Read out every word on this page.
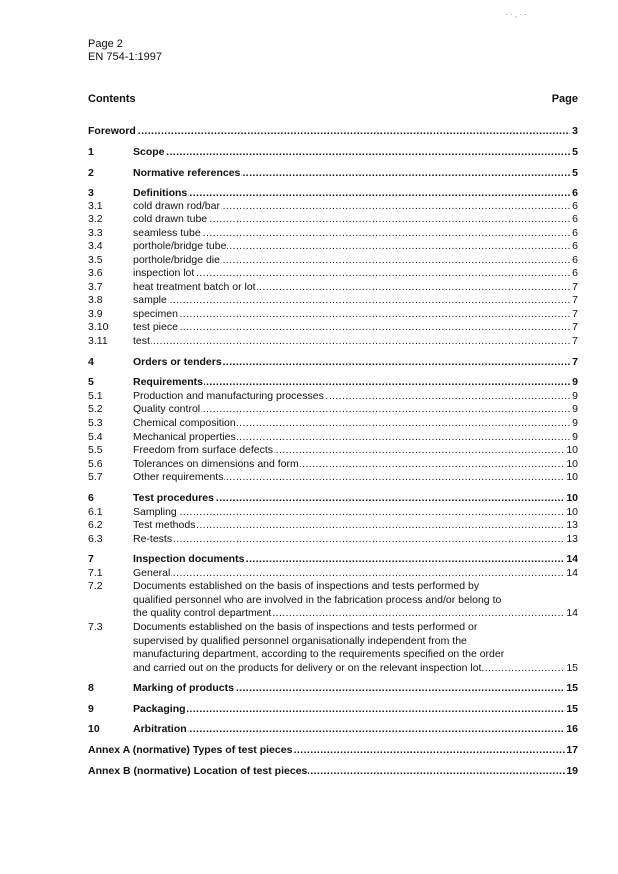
Page 2
EN 754-1:1997
Contents	Page
Foreword .....	3
1	Scope .....	5
2	Normative references .....	5
3	Definitions .....	6
3.1	cold drawn rod/bar .....	6
3.2	cold drawn tube .....	6
3.3	seamless tube .....	6
3.4	porthole/bridge tube .....	6
3.5	porthole/bridge die .....	6
3.6	inspection lot .....	6
3.7	heat treatment batch or lot .....	7
3.8	sample .....	7
3.9	specimen .....	7
3.10 test piece .....	7
3.11 test .....	7
4	Orders or tenders .....	7
5	Requirements .....	9
5.1	Production and manufacturing processes .....	9
5.2	Quality control .....	9
5.3	Chemical composition .....	9
5.4	Mechanical properties .....	9
5.5	Freedom from surface defects .....	10
5.6	Tolerances on dimensions and form .....	10
5.7	Other requirements .....	10
6	Test procedures .....	10
6.1	Sampling .....	10
6.2	Test methods .....	13
6.3	Re-tests .....	13
7	Inspection documents .....	14
7.1	General .....	14
7.2	Documents established on the basis of inspections and tests performed by
qualified personnel who are involved in the fabrication process and/or belong to
the quality control department .....	14
7.3	Documents established on the basis of inspections and tests performed or
supervised by qualified personnel organisationally independent from the
manufacturing department, according to the requirements specified on the order
and carried out on the products for delivery or on the relevant inspection lot .....	15
8	Marking of products .....	15
9	Packaging .....	15
10	Arbitration .....	16
Annex A (normative) Types of test pieces .....	17
Annex B (normative) Location of test pieces .....	19
· · , · ·
